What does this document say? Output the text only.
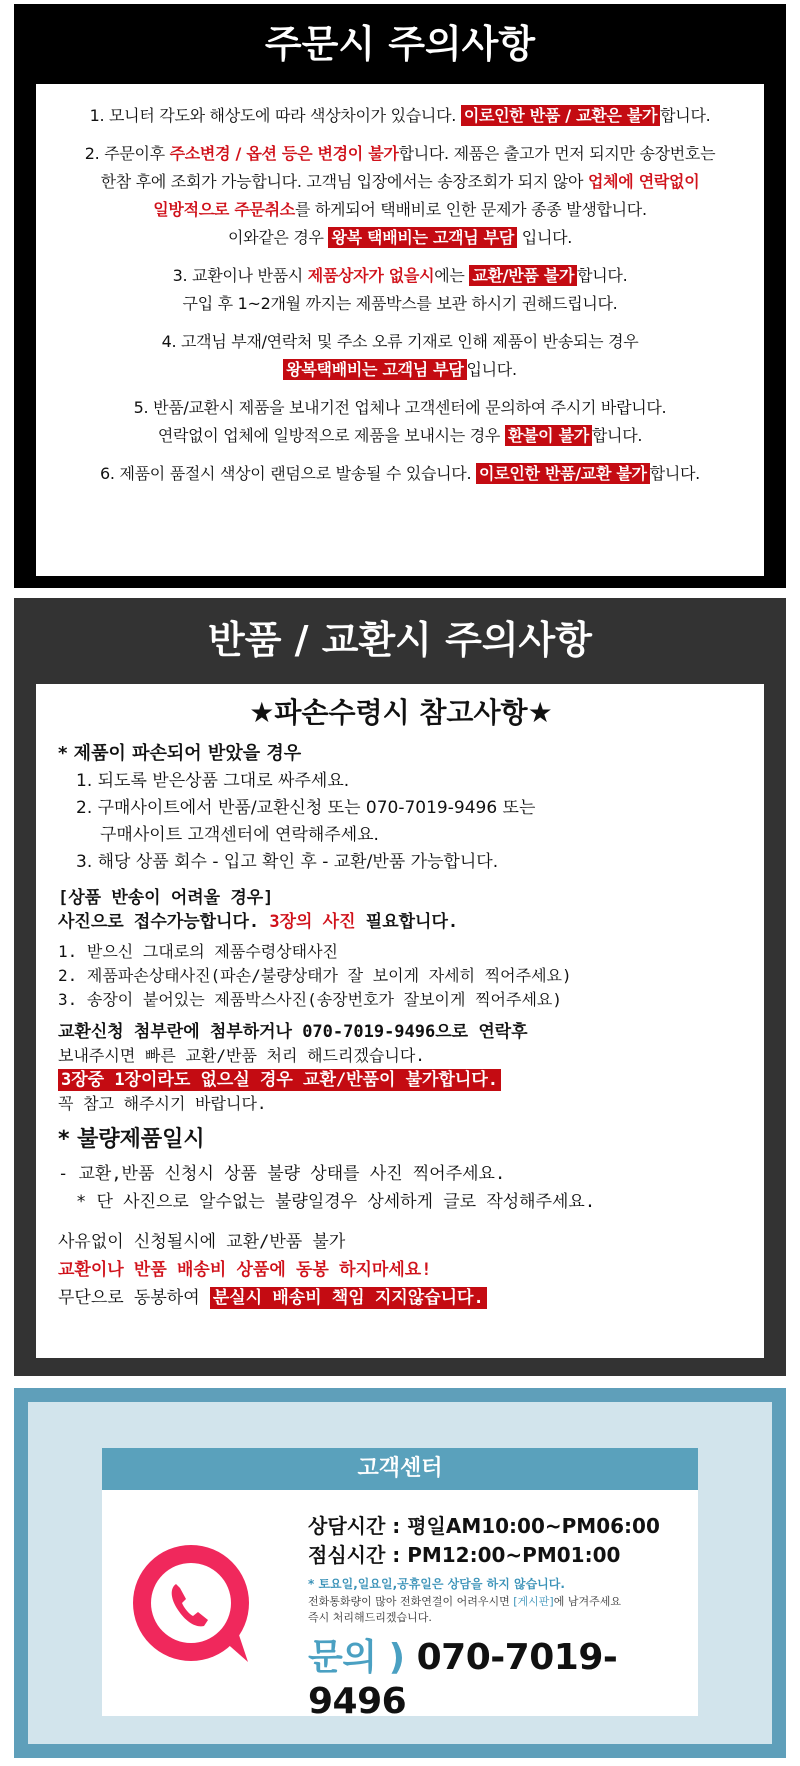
주문시 주의사항
1. 모니터 각도와 해상도에 따라 색상차이가 있습니다. 이로인한 반품 / 교환은 불가 합니다.
2. 주문이후 주소변경 / 옵션 등은 변경이 불가합니다. 제품은 출고가 먼저 되지만 송장번호는
한참 후에 조회가 가능합니다. 고객님 입장에서는 송장조회가 되지 않아 업체에 연락없이
일방적으로 주문취소를 하게되어 택배비로 인한 문제가 종종 발생합니다.
이와같은 경우 왕복 택배비는 고객님 부담 입니다.
3. 교환이나 반품시 제품상자가 없을시에는 교환/반품 불가 합니다.
구입 후 1~2개월 까지는 제품박스를 보관 하시기 권해드립니다.
4. 고객님 부재/연락처 및 주소 오류 기재로 인해 제품이 반송되는 경우
왕복택배비는 고객님 부담 입니다.
5. 반품/교환시 제품을 보내기전 업체나 고객센터에 문의하여 주시기 바랍니다.
연락없이 업체에 일방적으로 제품을 보내시는 경우 환불이 불가 합니다.
6. 제품이 품절시 색상이 랜덤으로 발송될 수 있습니다. 이로인한 반품/교환 불가 합니다.
반품 / 교환시 주의사항
★파손수령시 참고사항★
* 제품이 파손되어 받았을 경우
1. 되도록 받은상품 그대로 싸주세요.
2. 구매사이트에서 반품/교환신청 또는 070-7019-9496 또는
구매사이트 고객센터에 연락해주세요.
3. 해당 상품 회수 - 입고 확인 후 - 교환/반품 가능합니다.
[상품 반송이 어려울 경우]
사진으로 접수가능합니다. 3장의 사진 필요합니다.
1. 받으신 그대로의 제품수령상태사진
2. 제품파손상태사진(파손/불량상태가 잘 보이게 자세히 찍어주세요)
3. 송장이 붙어있는 제품박스사진(송장번호가 잘보이게 찍어주세요)
교환신청 첨부란에 첨부하거나 070-7019-9496으로 연락후
보내주시면 빠른 교환/반품 처리 해드리겠습니다.
3장중 1장이라도 없으실 경우 교환/반품이 불가합니다.
꼭 참고 해주시기 바랍니다.
* 불량제품일시
- 교환,반품 신청시 상품 불량 상태를 사진 찍어주세요.
* 단 사진으로 알수없는 불량일경우 상세하게 글로 작성해주세요.
사유없이 신청될시에 교환/반품 불가
교환이나 반품 배송비 상품에 동봉 하지마세요!
무단으로 동봉하여 분실시 배송비 책임 지지않습니다.
고객센터
상담시간 : 평일AM10:00~PM06:00
점심시간 : PM12:00~PM01:00
* 토요일,일요일,공휴일은 상담을 하지 않습니다.
전화통화량이 많아 전화연결이 어려우시면 [게시판]에 남겨주세요
즉시 처리해드리겠습니다.
문의 ) 070-7019-9496
